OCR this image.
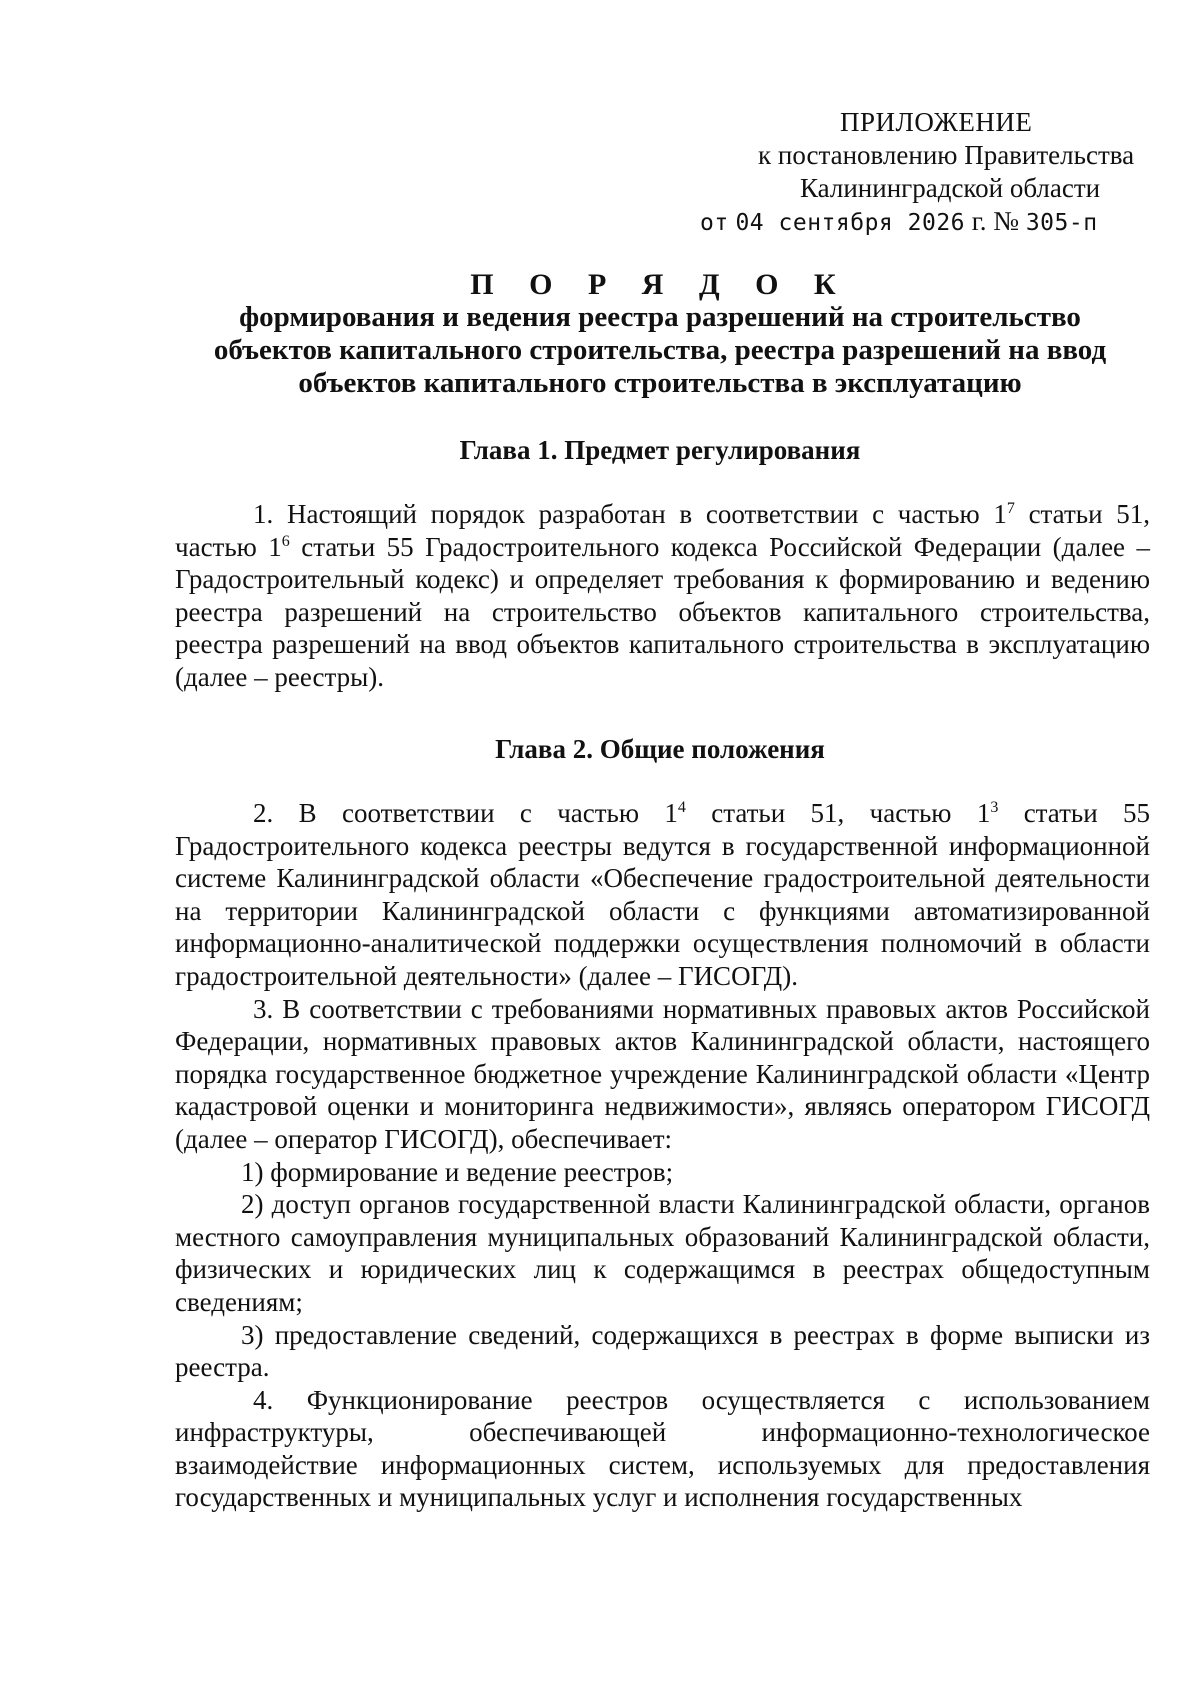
ПРИЛОЖЕНИЕ
к постановлению Правительства
Калининградской области
от 04 сентября 2026 г. № 305-п
П О Р Я Д О К
формирования и ведения реестра разрешений на строительство
объектов капитального строительства, реестра разрешений на ввод
объектов капитального строительства в эксплуатацию
Глава 1. Предмет регулирования

1. Настоящий порядок разработан в соответствии с частью $1^7$ статьи 51, частью $1^6$ статьи 55 Градостроительного кодекса Российской Федерации (далее – Градостроительный кодекс) и определяет требования к формированию и ведению реестра разрешений на строительство объектов капитального строительства, реестра разрешений на ввод объектов капитального строительства в эксплуатацию (далее – реестры).

Глава 2. Общие положения

2. В соответствии с частью $1^4$ статьи 51, частью $1^3$ статьи 55 Градостроительного кодекса реестры ведутся в государственной информационной системе Калининградской области «Обеспечение градостроительной деятельности на территории Калининградской области с функциями автоматизированной информационно-аналитической поддержки осуществления полномочий в области градостроительной деятельности» (далее – ГИСОГД).

3. В соответствии с требованиями нормативных правовых актов Российской Федерации, нормативных правовых актов Калининградской области, настоящего порядка государственное бюджетное учреждение Калининградской области «Центр кадастровой оценки и мониторинга недвижимости», являясь оператором ГИСОГД (далее – оператор ГИСОГД), обеспечивает:

1) формирование и ведение реестров;

2) доступ органов государственной власти Калининградской области, органов местного самоуправления муниципальных образований Калининградской области, физических и юридических лиц к содержащимся в реестрах общедоступным сведениям;

3) предоставление сведений, содержащихся в реестрах в форме выписки из реестра.

4. Функционирование реестров осуществляется с использованием инфраструктуры, обеспечивающей информационно-технологическое взаимодействие информационных систем, используемых для предоставления государственных и муниципальных услуг и исполнения государственных
